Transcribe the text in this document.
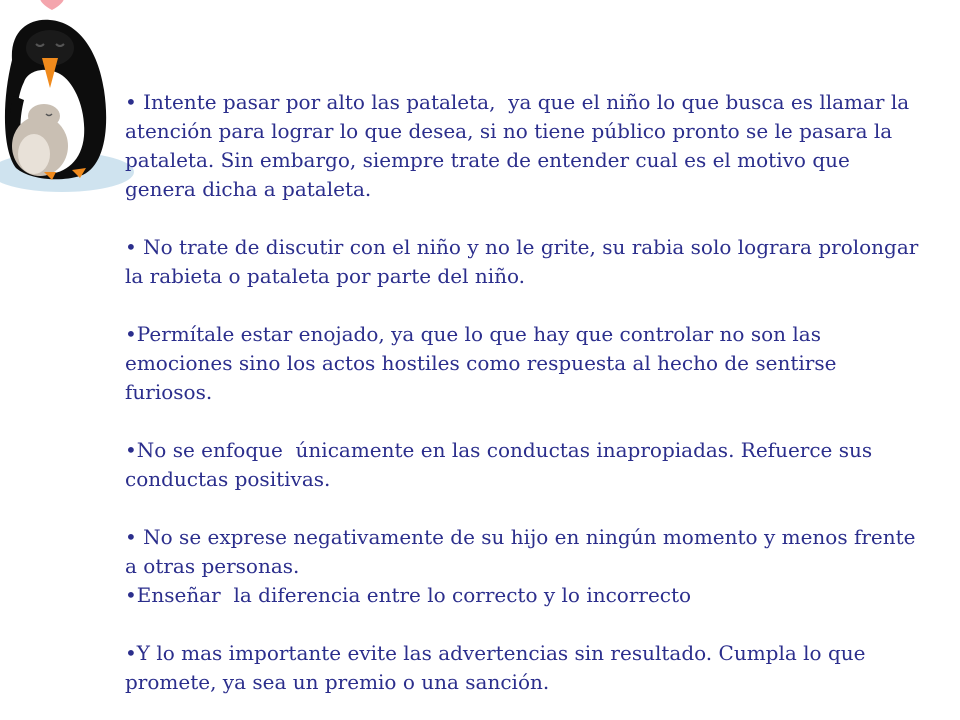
• Intente pasar por alto las pataleta,  ya que el niño lo que busca es llamar la atención para lograr lo que desea, si no tiene público pronto se le pasara la pataleta. Sin embargo, siempre trate de entender cual es el motivo que genera dicha a pataleta.

• No trate de discutir con el niño y no le grite, su rabia solo lograra prolongar la rabieta o pataleta por parte del niño.

•Permítale estar enojado, ya que lo que hay que controlar no son las emociones sino los actos hostiles como respuesta al hecho de sentirse furiosos.

•No se enfoque  únicamente en las conductas inapropiadas. Refuerce sus conductas positivas.

• No se exprese negativamente de su hijo en ningún momento y menos frente a otras personas.

•Enseñar  la diferencia entre lo correcto y lo incorrecto

•Y lo mas importante evite las advertencias sin resultado. Cumpla lo que promete, ya sea un premio o una sanción.
